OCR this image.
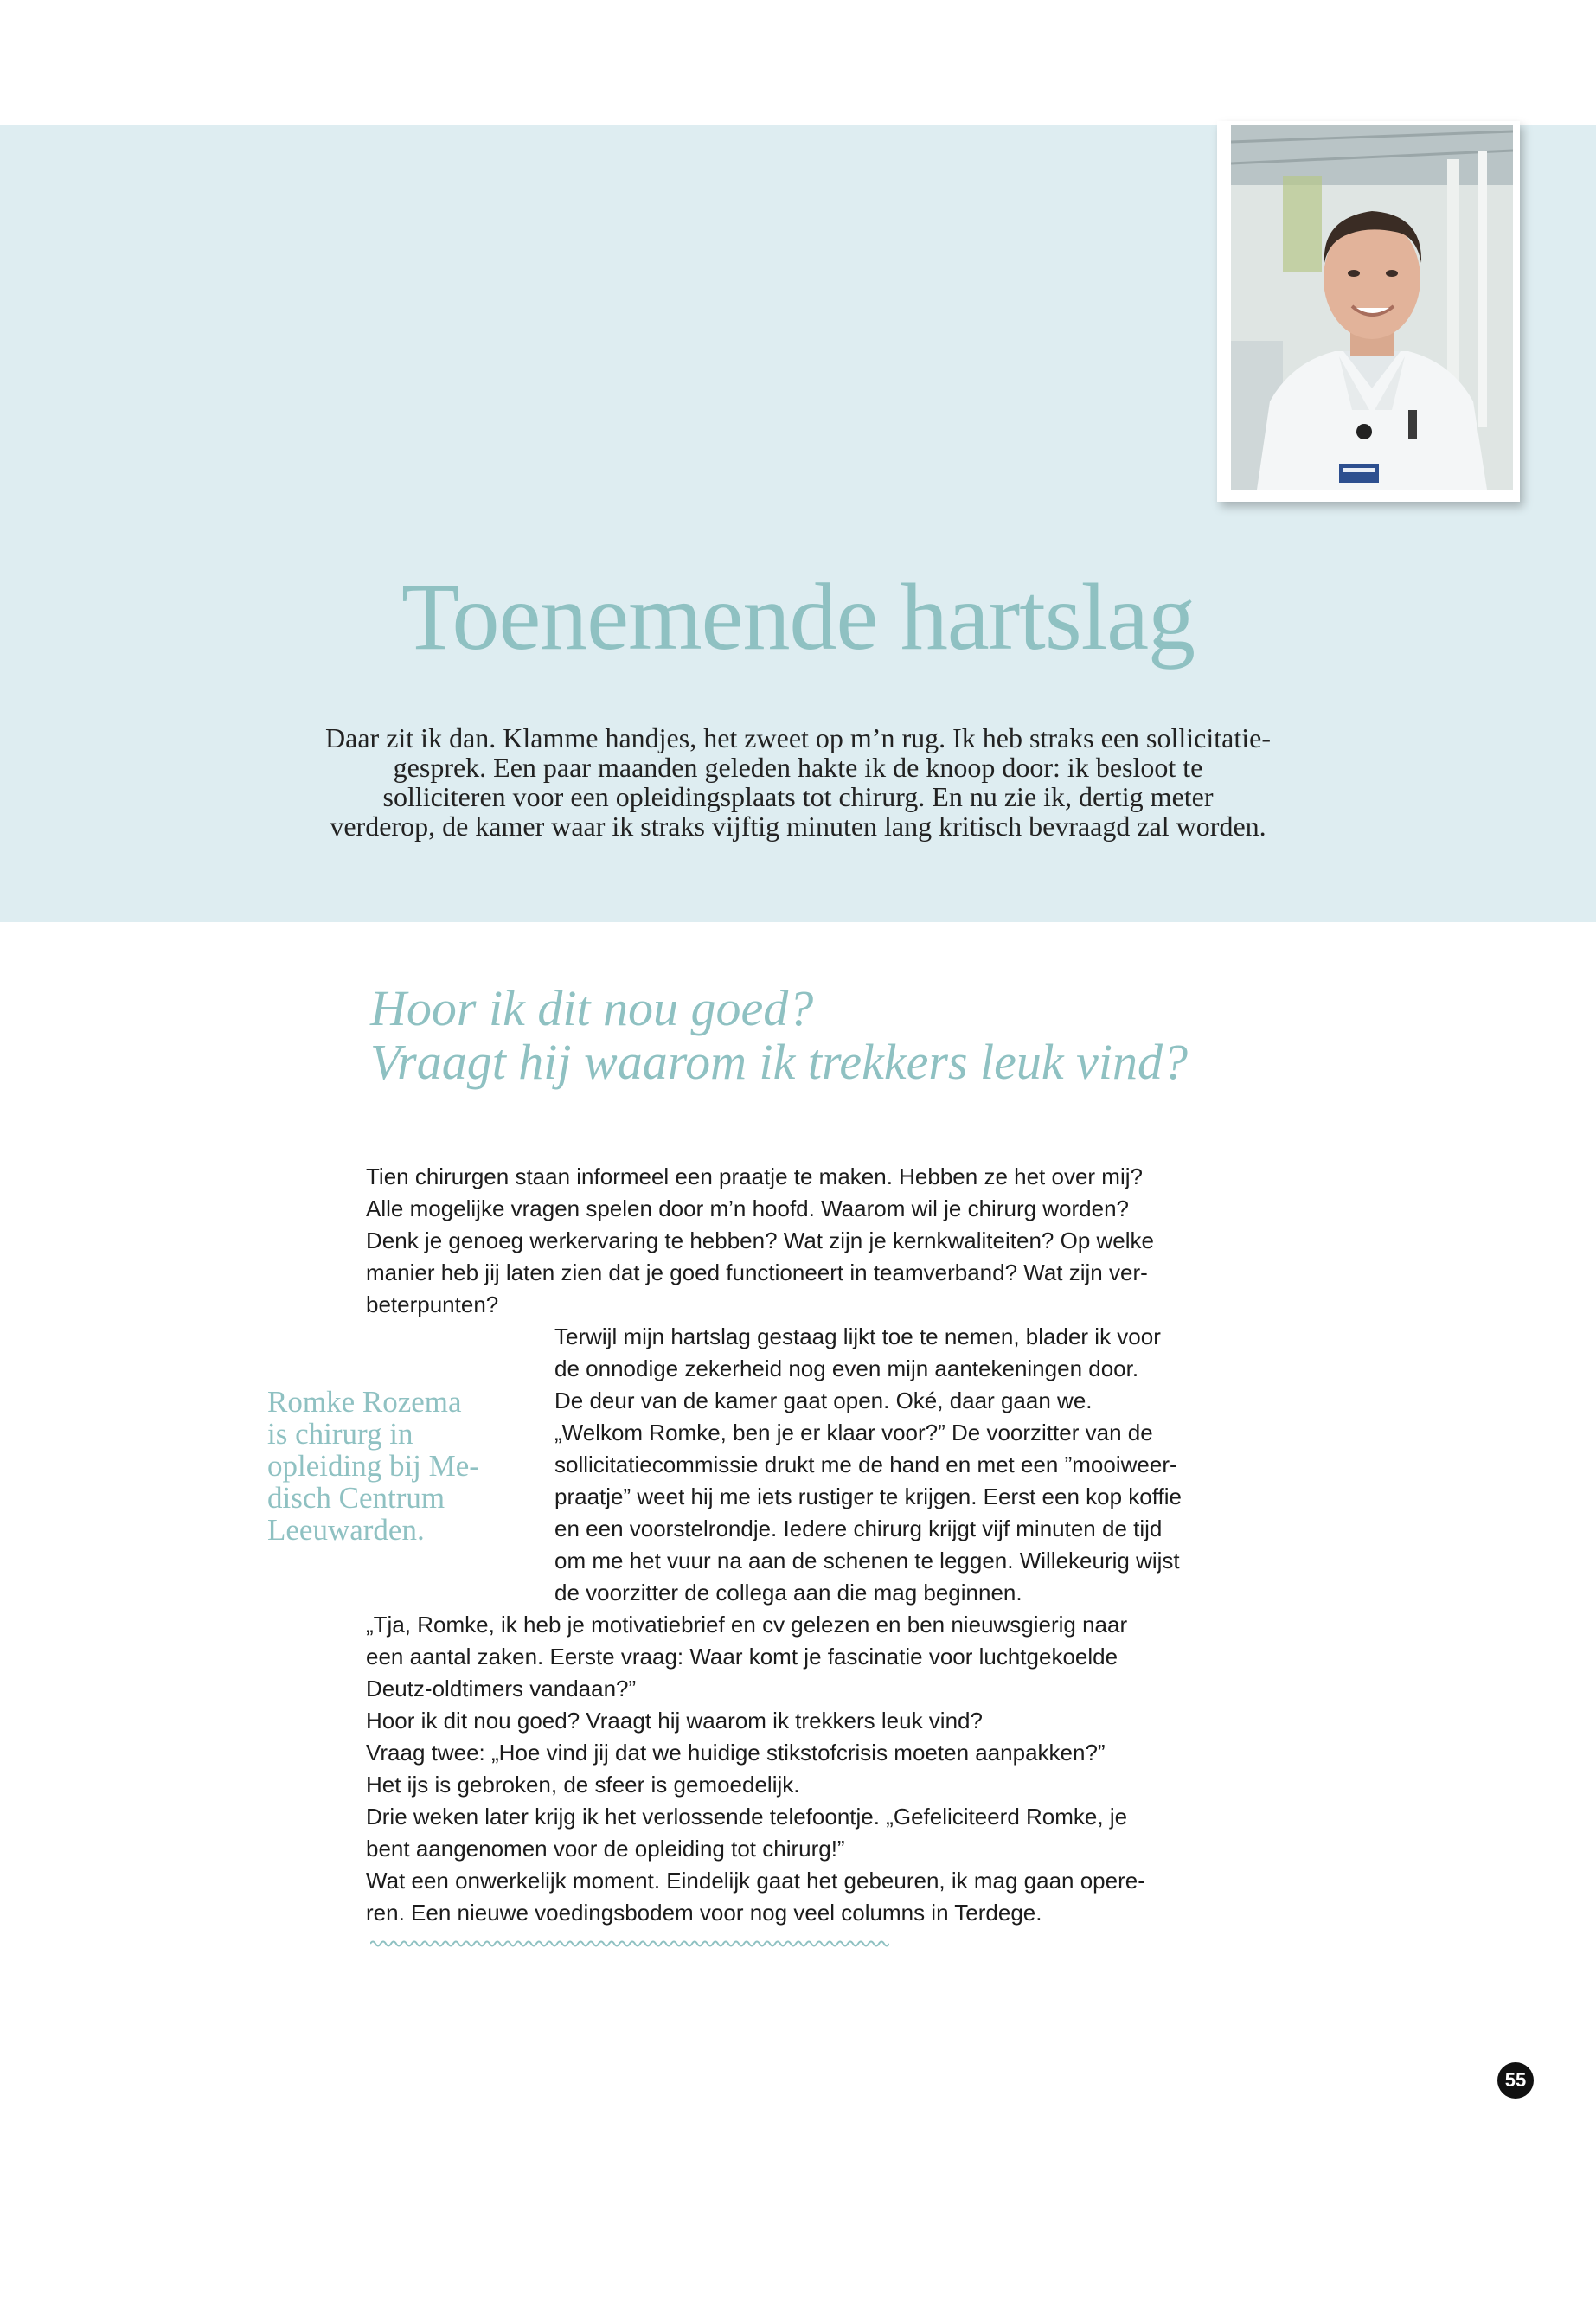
Toenemende hartslag

Daar zit ik dan. Klamme handjes, het zweet op m’n rug. Ik heb straks een sollicitatie-
gesprek. Een paar maanden geleden hakte ik de knoop door: ik besloot te
solliciteren voor een opleidingsplaats tot chirurg. En nu zie ik, dertig meter
verderop, de kamer waar ik straks vijftig minuten lang kritisch bevraagd zal worden.

Hoor ik dit nou goed?
Vraagt hij waarom ik trekkers leuk vind?

Tien chirurgen staan informeel een praatje te maken. Hebben ze het over mij?
Alle mogelijke vragen spelen door m’n hoofd. Waarom wil je chirurg worden?
Denk je genoeg werkervaring te hebben? Wat zijn je kernkwaliteiten? Op welke
manier heb jij laten zien dat je goed functioneert in teamverband? Wat zijn ver-
beterpunten?
Terwijl mijn hartslag gestaag lijkt toe te nemen, blader ik voor
de onnodige zekerheid nog even mijn aantekeningen door.
De deur van de kamer gaat open. Oké, daar gaan we.
„Welkom Romke, ben je er klaar voor?” De voorzitter van de
sollicitatiecommissie drukt me de hand en met een ”mooiweer-
praatje” weet hij me iets rustiger te krijgen. Eerst een kop koffie
en een voorstelrondje. Iedere chirurg krijgt vijf minuten de tijd
om me het vuur na aan de schenen te leggen. Willekeurig wijst
de voorzitter de collega aan die mag beginnen.
„Tja, Romke, ik heb je motivatiebrief en cv gelezen en ben nieuwsgierig naar
een aantal zaken. Eerste vraag: Waar komt je fascinatie voor luchtgekoelde
Deutz-oldtimers vandaan?”
Hoor ik dit nou goed? Vraagt hij waarom ik trekkers leuk vind?
Vraag twee: „Hoe vind jij dat we huidige stikstofcrisis moeten aanpakken?”
Het ijs is gebroken, de sfeer is gemoedelijk.
Drie weken later krijg ik het verlossende telefoontje. „Gefeliciteerd Romke, je
bent aangenomen voor de opleiding tot chirurg!”
Wat een onwerkelijk moment. Eindelijk gaat het gebeuren, ik mag gaan opere-
ren. Een nieuwe voedingsbodem voor nog veel columns in Terdege.
Romke Rozema
is chirurg in
opleiding bij Me-
disch Centrum
Leeuwarden.
55
